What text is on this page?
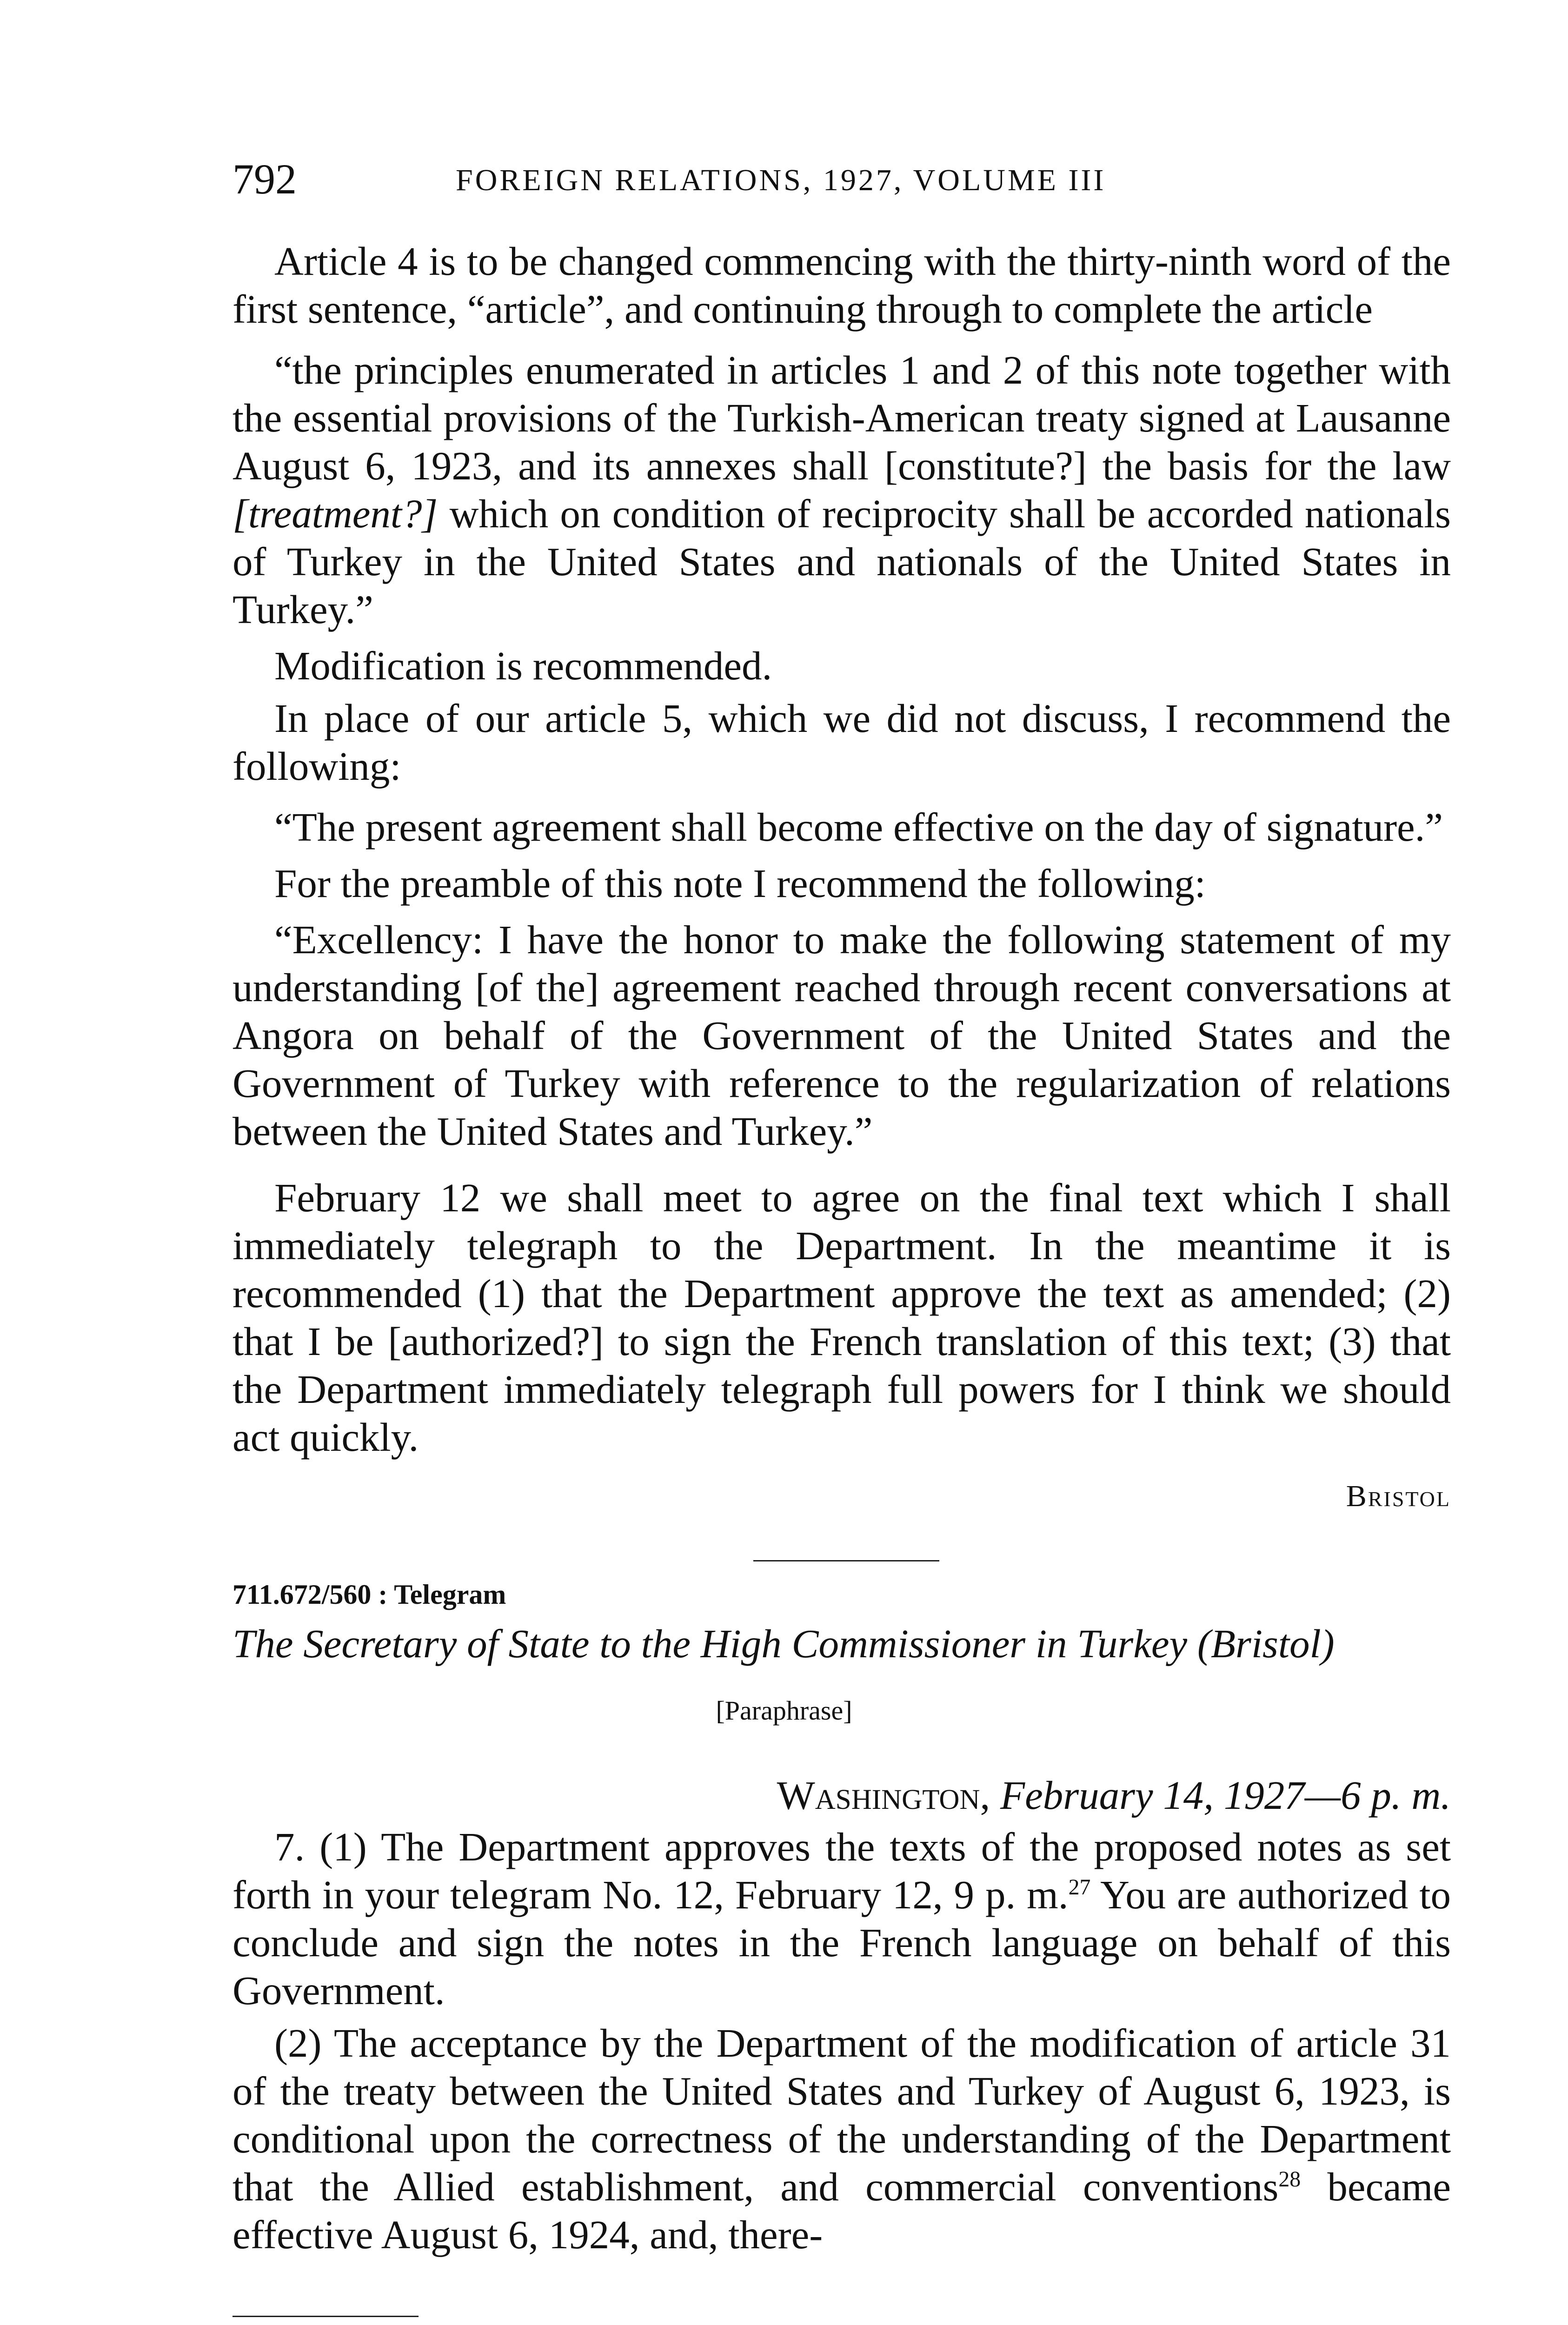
792	FOREIGN RELATIONS, 1927, VOLUME III

Article 4 is to be changed commencing with the thirty-ninth word of the first sentence, “article”, and continuing through to complete the article

“the principles enumerated in articles 1 and 2 of this note together with the essential provisions of the Turkish-American treaty signed at Lausanne August 6, 1923, and its annexes shall [constitute?] the basis for the law [treatment?] which on condition of reciprocity shall be accorded nationals of Turkey in the United States and nationals of the United States in Turkey.”

Modification is recommended.

In place of our article 5, which we did not discuss, I recommend the following:

“The present agreement shall become effective on the day of signature.”

For the preamble of this note I recommend the following:

“Excellency: I have the honor to make the following statement of my understanding [of the] agreement reached through recent conversations at Angora on behalf of the Government of the United States and the Government of Turkey with reference to the regularization of relations between the United States and Turkey.”

February 12 we shall meet to agree on the final text which I shall immediately telegraph to the Department. In the meantime it is recommended (1) that the Department approve the text as amended; (2) that I be [authorized?] to sign the French translation of this text; (3) that the Department immediately telegraph full powers for I think we should act quickly.

Bristol
711.672/560 : Telegram
The Secretary of State to the High Commissioner in Turkey (Bristol)
[Paraphrase]
Washington, February 14, 1927—6 p. m.

7. (1) The Department approves the texts of the proposed notes as set forth in your telegram No. 12, February 12, 9 p. m.$^{27}$ You are authorized to conclude and sign the notes in the French language on behalf of this Government.

(2) The acceptance by the Department of the modification of article 31 of the treaty between the United States and Turkey of August 6, 1923, is conditional upon the correctness of the understanding of the Department that the Allied establishment, and commercial conventions$^{28}$ became effective August 6, 1924, and, there-
